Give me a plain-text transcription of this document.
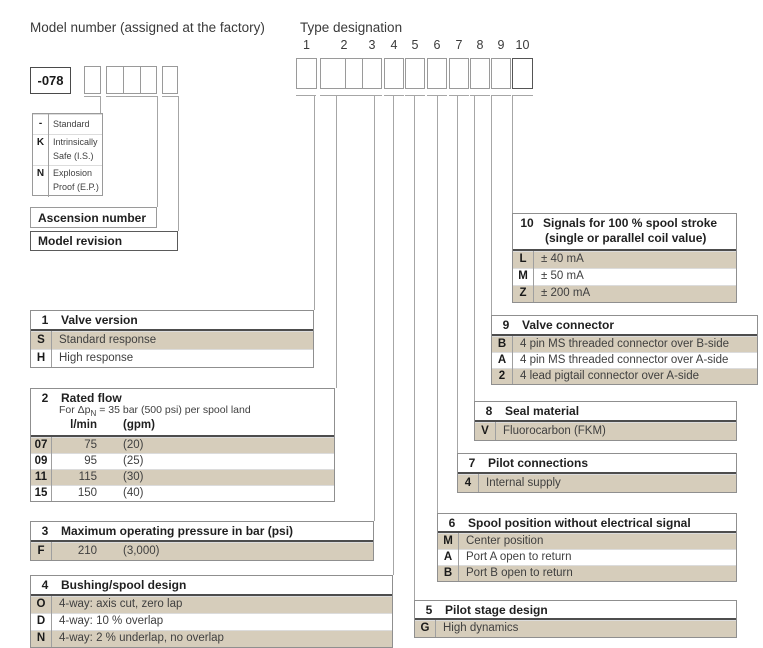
Model number (assigned at the factory)	Type designation
-078
-	Standard
K Intrinsically Safe (I.S.)
N Explosion Proof (E.P.)
Ascension number
Model revision
1	2	3	4	5	6	7	8	9 10
1	Valve version
S	Standard response
H	High response
2	Rated flow
For $\Delta p_N = 35$ bar (500 psi) per spool land
l/min (gpm)
07	75 (20)
09	95 (25)
11	115 (30)
15	150 (40)
3	Maximum operating pressure in bar (psi)
F	210 (3,000)
4	Bushing/spool design
O	4-way: axis cut, zero lap
D	4-way: 10 % overlap
N	4-way: 2 % underlap, no overlap
5	Pilot stage design
G	High dynamics
6	Spool position without electrical signal
M	Center position
A	Port A open to return
B	Port B open to return
7	Pilot connections
4	Internal supply
8	Seal material
V	Fluorocarbon (FKM)
9	Valve connector
B	4 pin MS threaded connector over B-side
A	4 pin MS threaded connector over A-side
2	4 lead pigtail connector over A-side
10 Signals for 100 % spool stroke
(single or parallel coil value)
L	± 40 mA
M	± 50 mA
Z	± 200 mA
